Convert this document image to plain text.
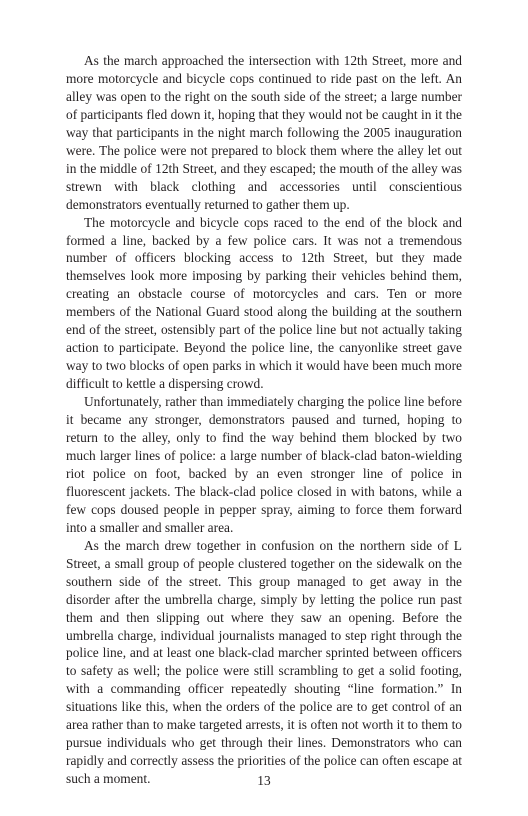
As the march approached the intersection with 12th Street, more and more motorcycle and bicycle cops continued to ride past on the left. An alley was open to the right on the south side of the street; a large number of participants fled down it, hoping that they would not be caught in it the way that participants in the night march following the 2005 inauguration were. The police were not prepared to block them where the alley let out in the middle of 12th Street, and they escaped; the mouth of the alley was strewn with black clothing and accessories until conscientious demonstrators eventually returned to gather them up.

The motorcycle and bicycle cops raced to the end of the block and formed a line, backed by a few police cars. It was not a tremendous number of officers blocking access to 12th Street, but they made themselves look more imposing by parking their vehicles behind them, creating an obstacle course of motorcycles and cars. Ten or more members of the National Guard stood along the building at the southern end of the street, ostensibly part of the police line but not actually taking action to participate. Beyond the police line, the canyonlike street gave way to two blocks of open parks in which it would have been much more difficult to kettle a dispersing crowd.

Unfortunately, rather than immediately charging the police line before it became any stronger, demonstrators paused and turned, hoping to return to the alley, only to find the way behind them blocked by two much larger lines of police: a large number of black-clad baton-wielding riot police on foot, backed by an even stronger line of police in fluorescent jackets. The black-clad police closed in with batons, while a few cops doused people in pepper spray, aiming to force them forward into a smaller and smaller area.

As the march drew together in confusion on the northern side of L Street, a small group of people clustered together on the sidewalk on the southern side of the street. This group managed to get away in the disorder after the umbrella charge, simply by letting the police run past them and then slipping out where they saw an opening. Before the umbrella charge, individual journalists managed to step right through the police line, and at least one black-clad marcher sprinted between officers to safety as well; the police were still scrambling to get a solid footing, with a commanding officer repeatedly shouting “line formation.” In situations like this, when the orders of the police are to get control of an area rather than to make targeted arrests, it is often not worth it to them to pursue individuals who get through their lines. Demonstrators who can rapidly and correctly assess the priorities of the police can often escape at such a moment.	13
